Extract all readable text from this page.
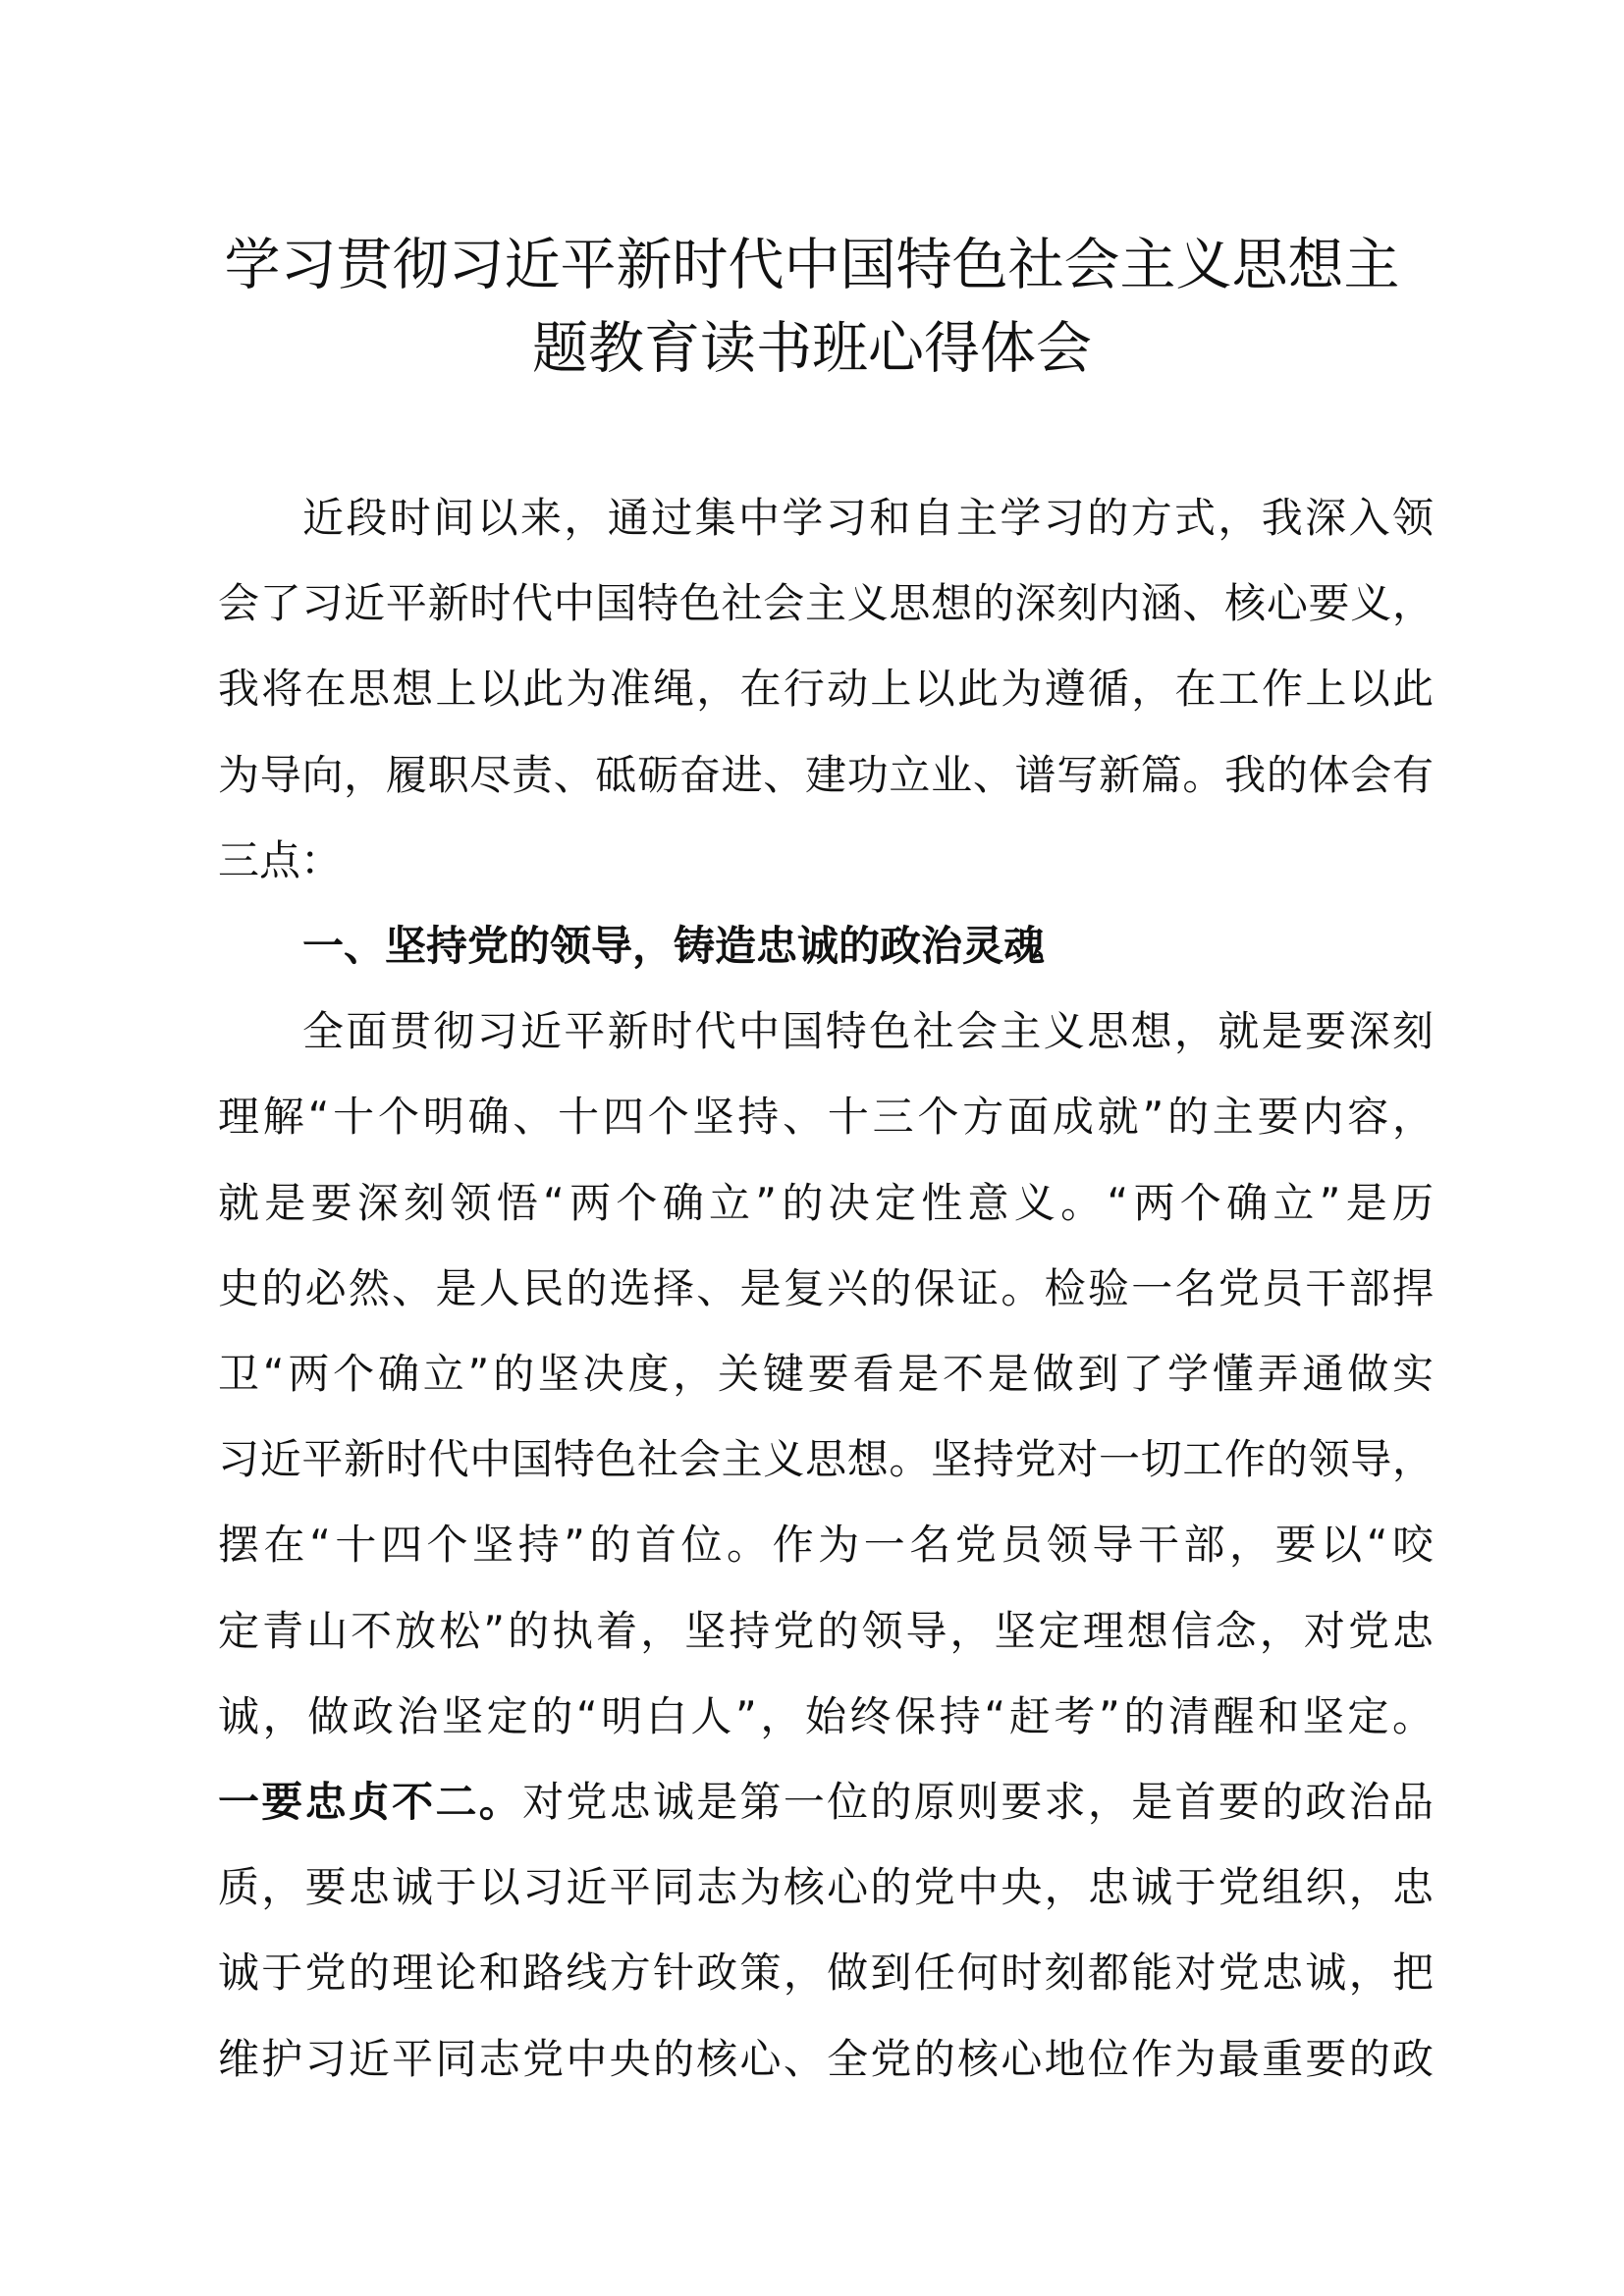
学习贯彻习近平新时代中国特色社会主义思想主
题教育读书班心得体会
近段时间以来，通过集中学习和自主学习的方式，我深入领
会了习近平新时代中国特色社会主义思想的深刻内涵、核心要义，
我将在思想上以此为准绳，在行动上以此为遵循，在工作上以此
为导向，履职尽责、砥砺奋进、建功立业、谱写新篇。我的体会有
三点：
一、坚持党的领导，铸造忠诚的政治灵魂
全面贯彻习近平新时代中国特色社会主义思想，就是要深刻
理解“十个明确、十四个坚持、十三个方面成就”的主要内容，
就是要深刻领悟“两个确立”的决定性意义。“两个确立”是历
史的必然、是人民的选择、是复兴的保证。检验一名党员干部捍
卫“两个确立”的坚决度，关键要看是不是做到了学懂弄通做实
习近平新时代中国特色社会主义思想。坚持党对一切工作的领导，
摆在“十四个坚持”的首位。作为一名党员领导干部，要以“咬
定青山不放松”的执着，坚持党的领导，坚定理想信念，对党忠
诚，做政治坚定的“明白人”，始终保持“赶考”的清醒和坚定。
一要忠贞不二。对党忠诚是第一位的原则要求，是首要的政治品
质，要忠诚于以习近平同志为核心的党中央，忠诚于党组织，忠
诚于党的理论和路线方针政策，做到任何时刻都能对党忠诚，把
维护习近平同志党中央的核心、全党的核心地位作为最重要的政
